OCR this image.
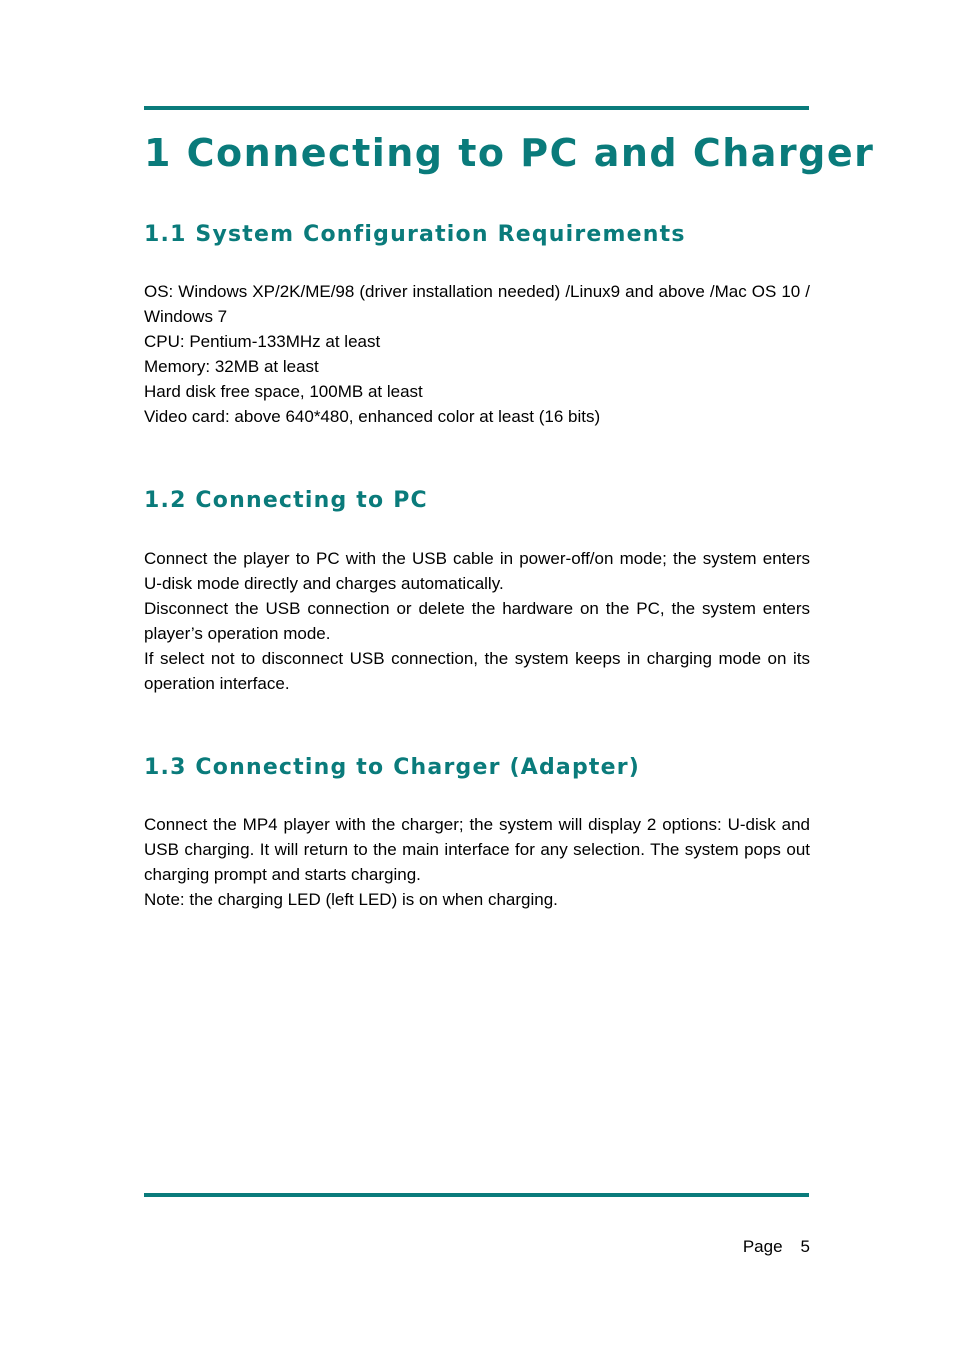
1 Connecting to PC and Charger
1.1 System Configuration Requirements

OS: Windows XP/2K/ME/98 (driver installation needed) /Linux9 and above /Mac OS 10 / Windows 7

CPU: Pentium-133MHz at least

Memory: 32MB at least

Hard disk free space, 100MB at least

Video card: above 640*480, enhanced color at least (16 bits)

1.2 Connecting to PC

Connect the player to PC with the USB cable in power-off/on mode; the system enters U-disk mode directly and charges automatically.

Disconnect the USB connection or delete the hardware on the PC, the system enters player’s operation mode.

If select not to disconnect USB connection, the system keeps in charging mode on its operation interface.

1.3 Connecting to Charger (Adapter)

Connect the MP4 player with the charger; the system will display 2 options: U-disk and USB charging. It will return to the main interface for any selection. The system pops out charging prompt and starts charging.

Note: the charging LED (left LED) is on when charging.

Page 5
